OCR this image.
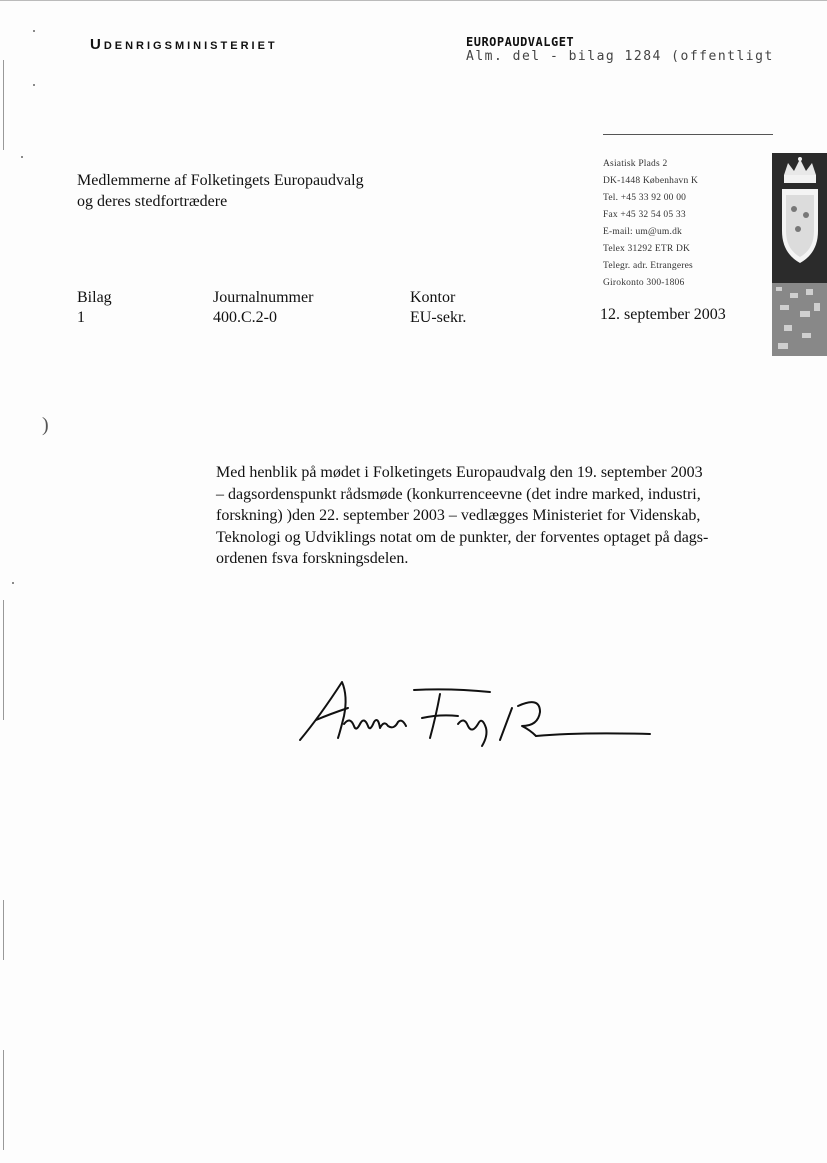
)
Udenrigsministeriet	EUROPAUDVALGET
Alm. del - bilag 1284 (offentligt
Asiatisk Plads 2
DK-1448 København K
Tel. +45 33 92 00 00
Fax +45 32 54 05 33
E-mail: um@um.dk
Telex 31292 ETR DK
Telegr. adr. Etrangeres
Girokonto 300-1806
Medlemmerne af Folketingets Europaudvalg
og deres stedfortrædere
Bilag
1
Journalnummer
400.C.2-0
Kontor
EU-sekr.	12. september 2003
Med henblik på mødet i Folketingets Europaudvalg den 19. september 2003
– dagsordenspunkt rådsmøde (konkurrenceevne (det indre marked, industri,
forskning) )den 22. september 2003 – vedlægges Ministeriet for Videnskab,
Teknologi og Udviklings notat om de punkter, der forventes optaget på dags-
ordenen fsva forskningsdelen.
